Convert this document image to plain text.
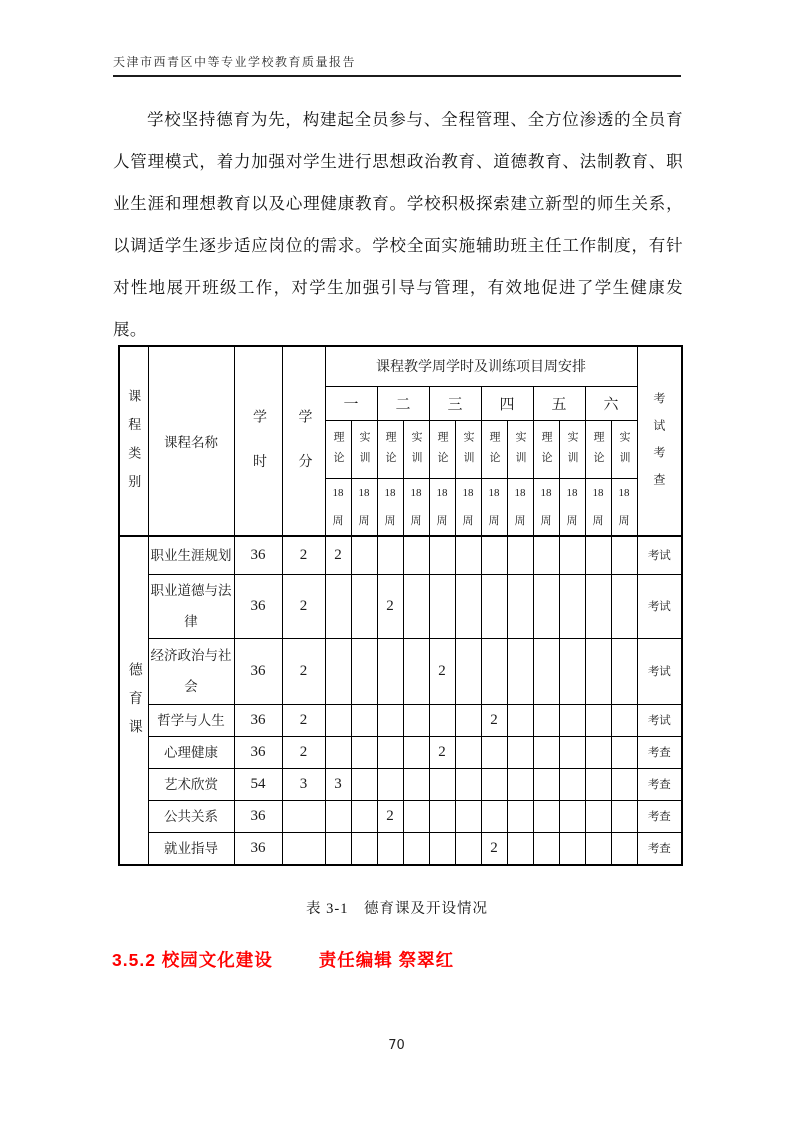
天津市西青区中等专业学校教育质量报告
学校坚持德育为先，构建起全员参与、全程管理、全方位渗透的全员育人管理模式，着力加强对学生进行思想政治教育、道德教育、法制教育、职业生涯和理想教育以及心理健康教育。学校积极探索建立新型的师生关系，以调适学生逐步适应岗位的需求。学校全面实施辅助班主任工作制度，有针对性地展开班级工作，对学生加强引导与管理，有效地促进了学生健康发展。
课程类别	课程名称	学时	学分	课程教学周学时及训练项目周安排												考试考查
				一		二		三		四		五		六		
				理论	实训	理论	实训	理论	实训	理论	实训	理论	实训	理论	实训	
				18周	18周	18周	18周	18周	18周	18周	18周	18周	18周	18周	18周	
德育课	职业生涯规划	36	2	2												考试
	职业道德与法律	36	2			2										考试
	经济政治与社会	36	2					2								考试
	哲学与人生	36	2							2						考试
	心理健康	36	2					2								考查
	艺术欣赏	54	3	3												考查
	公共关系	36				2										考查
	就业指导	36								2						考查
表 3-1　德育课及开设情况
3.5.2 校园文化建设	责任编辑 祭翠红
70
